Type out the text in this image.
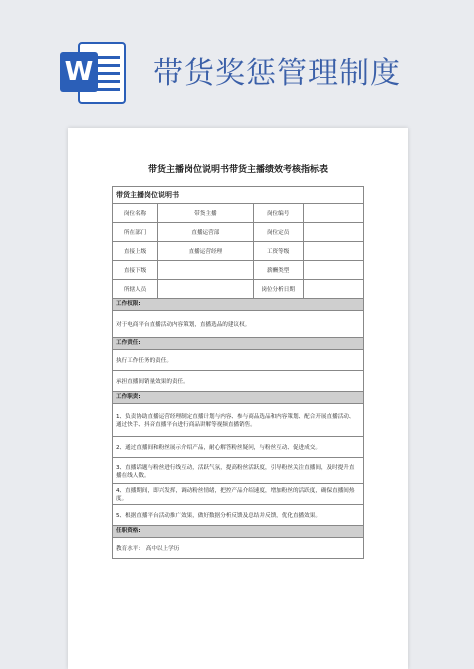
W 带货奖惩管理制度
带货主播岗位说明书带货主播绩效考核指标表
带货主播岗位说明书
岗位名称	带货主播	岗位编号	
所在部门	直播运营部	岗位定员	
直接上级	直播运营经理	工资等级	
直接下级		薪酬类型	
所辖人员		岗位分析日期	
工作权限:
对于电商平台直播活动内容策划，直播选品的建议权。
工作责任:
执行工作任务的责任。
承担直播间销量效果的责任。
工作职责:
1、负责协助直播运营经理制定直播计划与内容、参与商品选品和内容策划、配合开展直播活动、通过快手、抖音直播平台进行商品讲解等视频直播销售。
2、通过直播间和粉丝展示介绍产品，耐心解答粉丝疑问，与粉丝互动、促进成交。
3、直播话题与粉丝进行线互动，活跃气氛，提高粉丝活跃度，引导粉丝关注直播间，及时提升直播在线人数。
4、直播期间，即兴发挥，调动粉丝情绪，把控产品介绍速度，增加粉丝的活跃度，确保直播间热度。
5、根据直播平台活动推广效果，做好数据分析反馈及总结并反馈，优化直播效果。
任职资格:
教育水平： 高中以上学历
